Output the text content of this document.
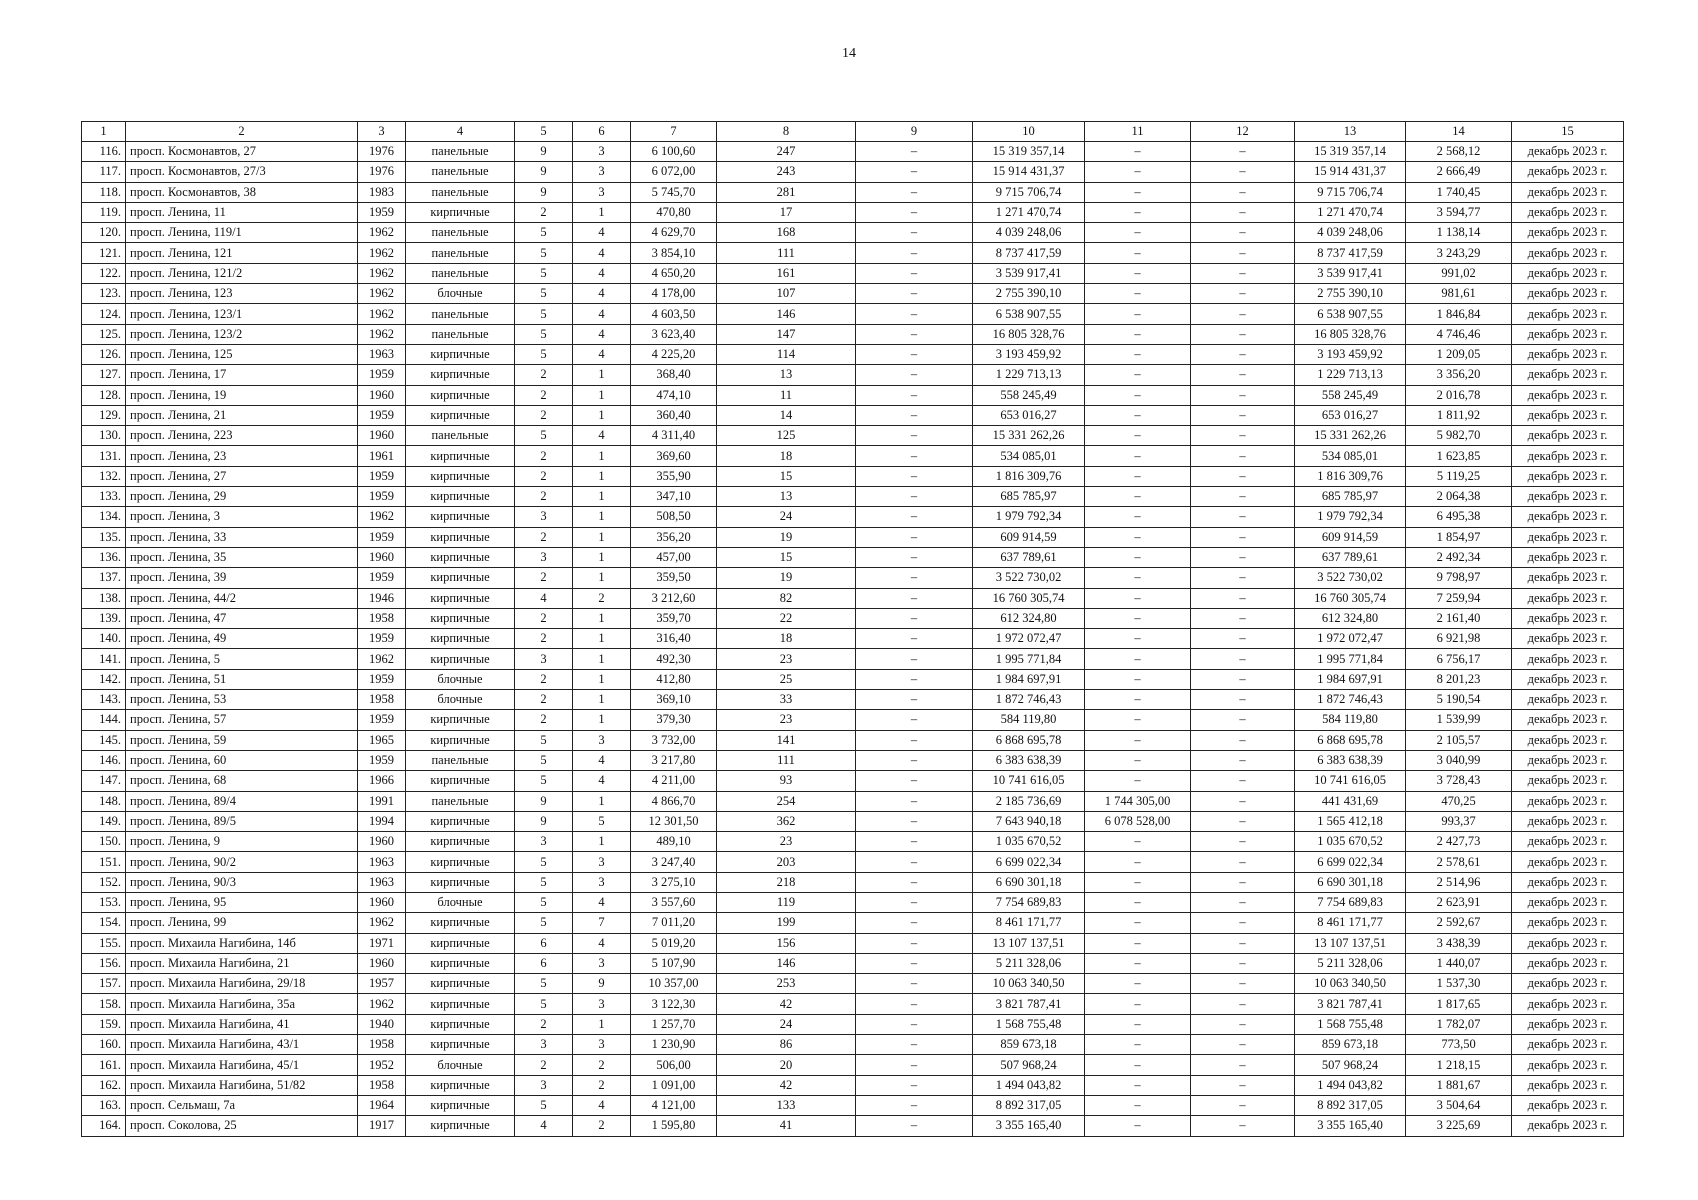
14
1	2	3	4	5	6	7	8	9	10	11	12	13	14	15
116.	просп. Космонавтов, 27	1976	панельные	9	3	6 100,60	247	–	15 319 357,14	–	–	15 319 357,14	2 568,12	декабрь 2023 г.
117.	просп. Космонавтов, 27/3	1976	панельные	9	3	6 072,00	243	–	15 914 431,37	–	–	15 914 431,37	2 666,49	декабрь 2023 г.
118.	просп. Космонавтов, 38	1983	панельные	9	3	5 745,70	281	–	9 715 706,74	–	–	9 715 706,74	1 740,45	декабрь 2023 г.
119.	просп. Ленина, 11	1959	кирпичные	2	1	470,80	17	–	1 271 470,74	–	–	1 271 470,74	3 594,77	декабрь 2023 г.
120.	просп. Ленина, 119/1	1962	панельные	5	4	4 629,70	168	–	4 039 248,06	–	–	4 039 248,06	1 138,14	декабрь 2023 г.
121.	просп. Ленина, 121	1962	панельные	5	4	3 854,10	111	–	8 737 417,59	–	–	8 737 417,59	3 243,29	декабрь 2023 г.
122.	просп. Ленина, 121/2	1962	панельные	5	4	4 650,20	161	–	3 539 917,41	–	–	3 539 917,41	991,02	декабрь 2023 г.
123.	просп. Ленина, 123	1962	блочные	5	4	4 178,00	107	–	2 755 390,10	–	–	2 755 390,10	981,61	декабрь 2023 г.
124.	просп. Ленина, 123/1	1962	панельные	5	4	4 603,50	146	–	6 538 907,55	–	–	6 538 907,55	1 846,84	декабрь 2023 г.
125.	просп. Ленина, 123/2	1962	панельные	5	4	3 623,40	147	–	16 805 328,76	–	–	16 805 328,76	4 746,46	декабрь 2023 г.
126.	просп. Ленина, 125	1963	кирпичные	5	4	4 225,20	114	–	3 193 459,92	–	–	3 193 459,92	1 209,05	декабрь 2023 г.
127.	просп. Ленина, 17	1959	кирпичные	2	1	368,40	13	–	1 229 713,13	–	–	1 229 713,13	3 356,20	декабрь 2023 г.
128.	просп. Ленина, 19	1960	кирпичные	2	1	474,10	11	–	558 245,49	–	–	558 245,49	2 016,78	декабрь 2023 г.
129.	просп. Ленина, 21	1959	кирпичные	2	1	360,40	14	–	653 016,27	–	–	653 016,27	1 811,92	декабрь 2023 г.
130.	просп. Ленина, 223	1960	панельные	5	4	4 311,40	125	–	15 331 262,26	–	–	15 331 262,26	5 982,70	декабрь 2023 г.
131.	просп. Ленина, 23	1961	кирпичные	2	1	369,60	18	–	534 085,01	–	–	534 085,01	1 623,85	декабрь 2023 г.
132.	просп. Ленина, 27	1959	кирпичные	2	1	355,90	15	–	1 816 309,76	–	–	1 816 309,76	5 119,25	декабрь 2023 г.
133.	просп. Ленина, 29	1959	кирпичные	2	1	347,10	13	–	685 785,97	–	–	685 785,97	2 064,38	декабрь 2023 г.
134.	просп. Ленина, 3	1962	кирпичные	3	1	508,50	24	–	1 979 792,34	–	–	1 979 792,34	6 495,38	декабрь 2023 г.
135.	просп. Ленина, 33	1959	кирпичные	2	1	356,20	19	–	609 914,59	–	–	609 914,59	1 854,97	декабрь 2023 г.
136.	просп. Ленина, 35	1960	кирпичные	3	1	457,00	15	–	637 789,61	–	–	637 789,61	2 492,34	декабрь 2023 г.
137.	просп. Ленина, 39	1959	кирпичные	2	1	359,50	19	–	3 522 730,02	–	–	3 522 730,02	9 798,97	декабрь 2023 г.
138.	просп. Ленина, 44/2	1946	кирпичные	4	2	3 212,60	82	–	16 760 305,74	–	–	16 760 305,74	7 259,94	декабрь 2023 г.
139.	просп. Ленина, 47	1958	кирпичные	2	1	359,70	22	–	612 324,80	–	–	612 324,80	2 161,40	декабрь 2023 г.
140.	просп. Ленина, 49	1959	кирпичные	2	1	316,40	18	–	1 972 072,47	–	–	1 972 072,47	6 921,98	декабрь 2023 г.
141.	просп. Ленина, 5	1962	кирпичные	3	1	492,30	23	–	1 995 771,84	–	–	1 995 771,84	6 756,17	декабрь 2023 г.
142.	просп. Ленина, 51	1959	блочные	2	1	412,80	25	–	1 984 697,91	–	–	1 984 697,91	8 201,23	декабрь 2023 г.
143.	просп. Ленина, 53	1958	блочные	2	1	369,10	33	–	1 872 746,43	–	–	1 872 746,43	5 190,54	декабрь 2023 г.
144.	просп. Ленина, 57	1959	кирпичные	2	1	379,30	23	–	584 119,80	–	–	584 119,80	1 539,99	декабрь 2023 г.
145.	просп. Ленина, 59	1965	кирпичные	5	3	3 732,00	141	–	6 868 695,78	–	–	6 868 695,78	2 105,57	декабрь 2023 г.
146.	просп. Ленина, 60	1959	панельные	5	4	3 217,80	111	–	6 383 638,39	–	–	6 383 638,39	3 040,99	декабрь 2023 г.
147.	просп. Ленина, 68	1966	кирпичные	5	4	4 211,00	93	–	10 741 616,05	–	–	10 741 616,05	3 728,43	декабрь 2023 г.
148.	просп. Ленина, 89/4	1991	панельные	9	1	4 866,70	254	–	2 185 736,69	1 744 305,00	–	441 431,69	470,25	декабрь 2023 г.
149.	просп. Ленина, 89/5	1994	кирпичные	9	5	12 301,50	362	–	7 643 940,18	6 078 528,00	–	1 565 412,18	993,37	декабрь 2023 г.
150.	просп. Ленина, 9	1960	кирпичные	3	1	489,10	23	–	1 035 670,52	–	–	1 035 670,52	2 427,73	декабрь 2023 г.
151.	просп. Ленина, 90/2	1963	кирпичные	5	3	3 247,40	203	–	6 699 022,34	–	–	6 699 022,34	2 578,61	декабрь 2023 г.
152.	просп. Ленина, 90/3	1963	кирпичные	5	3	3 275,10	218	–	6 690 301,18	–	–	6 690 301,18	2 514,96	декабрь 2023 г.
153.	просп. Ленина, 95	1960	блочные	5	4	3 557,60	119	–	7 754 689,83	–	–	7 754 689,83	2 623,91	декабрь 2023 г.
154.	просп. Ленина, 99	1962	кирпичные	5	7	7 011,20	199	–	8 461 171,77	–	–	8 461 171,77	2 592,67	декабрь 2023 г.
155.	просп. Михаила Нагибина, 14б	1971	кирпичные	6	4	5 019,20	156	–	13 107 137,51	–	–	13 107 137,51	3 438,39	декабрь 2023 г.
156.	просп. Михаила Нагибина, 21	1960	кирпичные	6	3	5 107,90	146	–	5 211 328,06	–	–	5 211 328,06	1 440,07	декабрь 2023 г.
157.	просп. Михаила Нагибина, 29/18	1957	кирпичные	5	9	10 357,00	253	–	10 063 340,50	–	–	10 063 340,50	1 537,30	декабрь 2023 г.
158.	просп. Михаила Нагибина, 35а	1962	кирпичные	5	3	3 122,30	42	–	3 821 787,41	–	–	3 821 787,41	1 817,65	декабрь 2023 г.
159.	просп. Михаила Нагибина, 41	1940	кирпичные	2	1	1 257,70	24	–	1 568 755,48	–	–	1 568 755,48	1 782,07	декабрь 2023 г.
160.	просп. Михаила Нагибина, 43/1	1958	кирпичные	3	3	1 230,90	86	–	859 673,18	–	–	859 673,18	773,50	декабрь 2023 г.
161.	просп. Михаила Нагибина, 45/1	1952	блочные	2	2	506,00	20	–	507 968,24	–	–	507 968,24	1 218,15	декабрь 2023 г.
162.	просп. Михаила Нагибина, 51/82	1958	кирпичные	3	2	1 091,00	42	–	1 494 043,82	–	–	1 494 043,82	1 881,67	декабрь 2023 г.
163.	просп. Сельмаш, 7а	1964	кирпичные	5	4	4 121,00	133	–	8 892 317,05	–	–	8 892 317,05	3 504,64	декабрь 2023 г.
164.	просп. Соколова, 25	1917	кирпичные	4	2	1 595,80	41	–	3 355 165,40	–	–	3 355 165,40	3 225,69	декабрь 2023 г.
